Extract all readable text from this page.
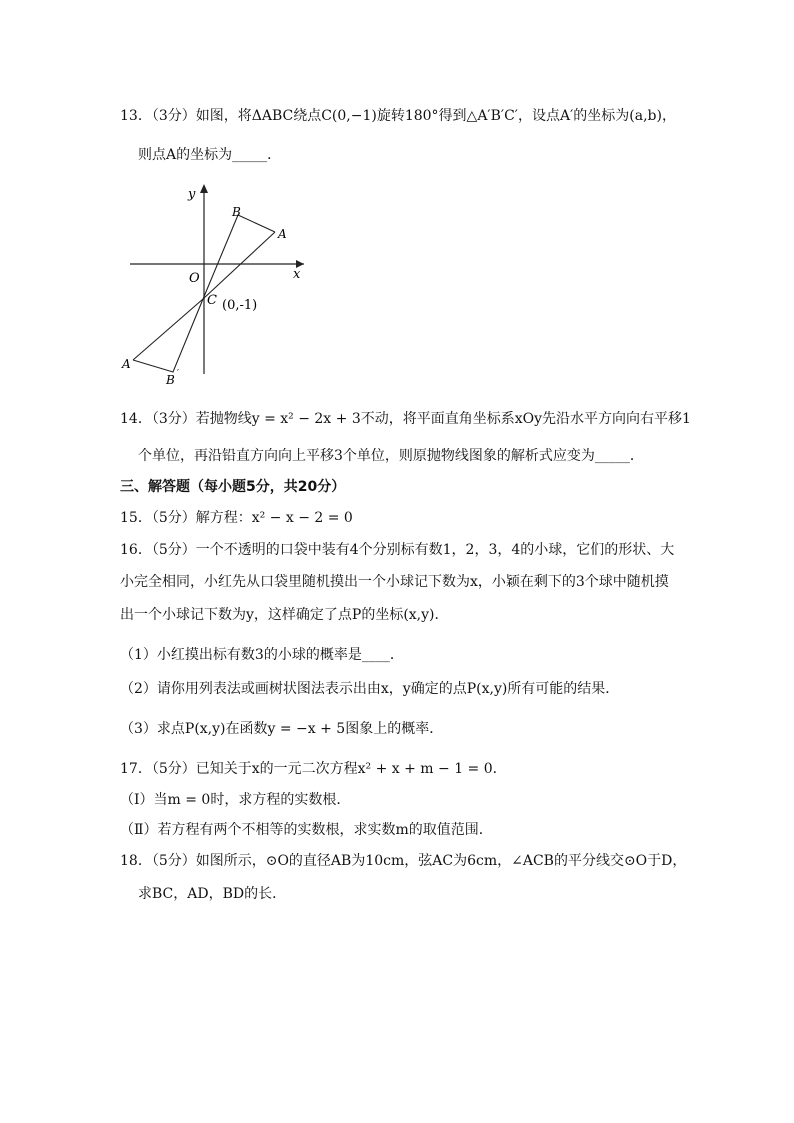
13．（3分）如图，将ΔABC绕点C(0,−1)旋转180°得到△A′B′C′，设点A′的坐标为(a,b)，
则点A的坐标为_____．
y
x
O
B
A
C (0,-1)
A
B ′
14．（3分）若抛物线y = x² − 2x + 3不动，将平面直角坐标系xOy先沿水平方向向右平移1
个单位，再沿铅直方向向上平移3个单位，则原抛物线图象的解析式应变为_____．
三、解答题（每小题5分，共20分）
15．（5分）解方程：x² − x − 2 = 0
16．（5分）一个不透明的口袋中装有4个分别标有数1，2，3，4的小球，它们的形状、大
小完全相同，小红先从口袋里随机摸出一个小球记下数为x，小颖在剩下的3个球中随机摸
出一个小球记下数为y，这样确定了点P的坐标(x,y)．
（1）小红摸出标有数3的小球的概率是____．
（2）请你用列表法或画树状图法表示出由x，y确定的点P(x,y)所有可能的结果．
（3）求点P(x,y)在函数y = −x + 5图象上的概率．
17．（5分）已知关于x的一元二次方程x² + x + m − 1 = 0．
（Ⅰ）当m = 0时，求方程的实数根．
（Ⅱ）若方程有两个不相等的实数根，求实数m的取值范围．
18．（5分）如图所示，⊙O的直径AB为10cm，弦AC为6cm，∠ACB的平分线交⊙O于D，
求BC，AD，BD的长．
